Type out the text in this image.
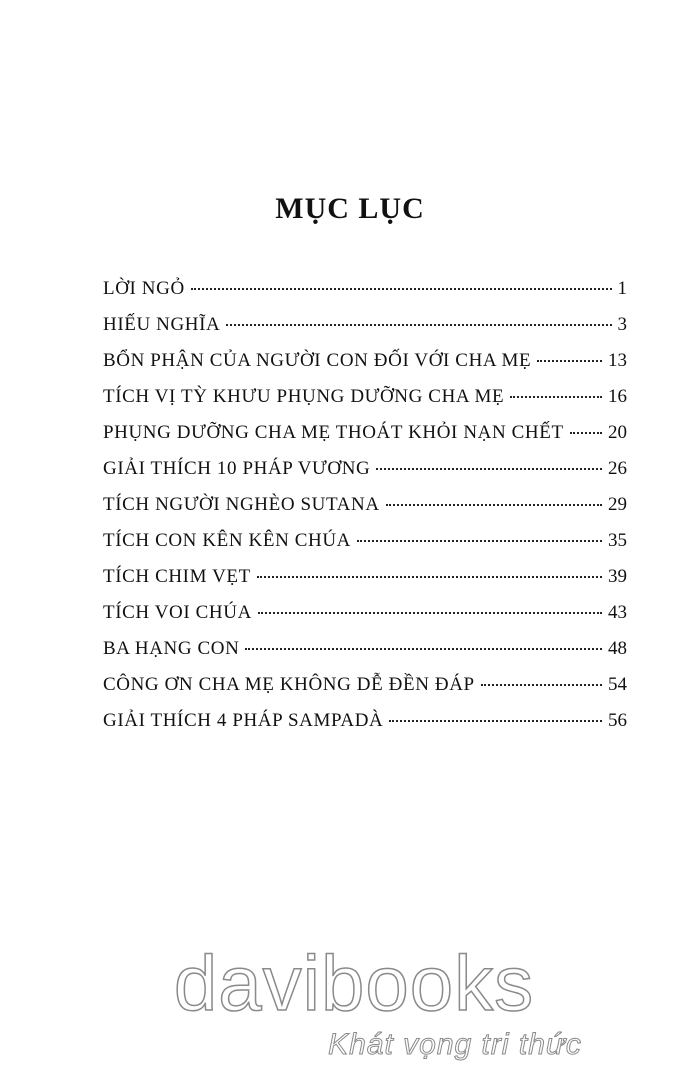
MỤC LỤC
LỜI NGỎ	1
HIẾU NGHĨA	3
BỔN PHẬN CỦA NGƯỜI CON ĐỐI VỚI CHA MẸ	13
TÍCH VỊ TỲ KHƯU PHỤNG DƯỠNG CHA MẸ	16
PHỤNG DƯỠNG CHA MẸ THOÁT KHỎI NẠN CHẾT 20
GIẢI THÍCH 10 PHÁP VƯƠNG	26
TÍCH NGƯỜI NGHÈO SUTANA	29
TÍCH CON KÊN KÊN CHÚA	35
TÍCH CHIM VẸT	39
TÍCH VOI CHÚA	43
BA HẠNG CON	48
CÔNG ƠN CHA MẸ KHÔNG DỄ ĐỀN ĐÁP	54
GIẢI THÍCH 4 PHÁP SAMPADÀ	56
davibooks
Khát vọng tri thức
